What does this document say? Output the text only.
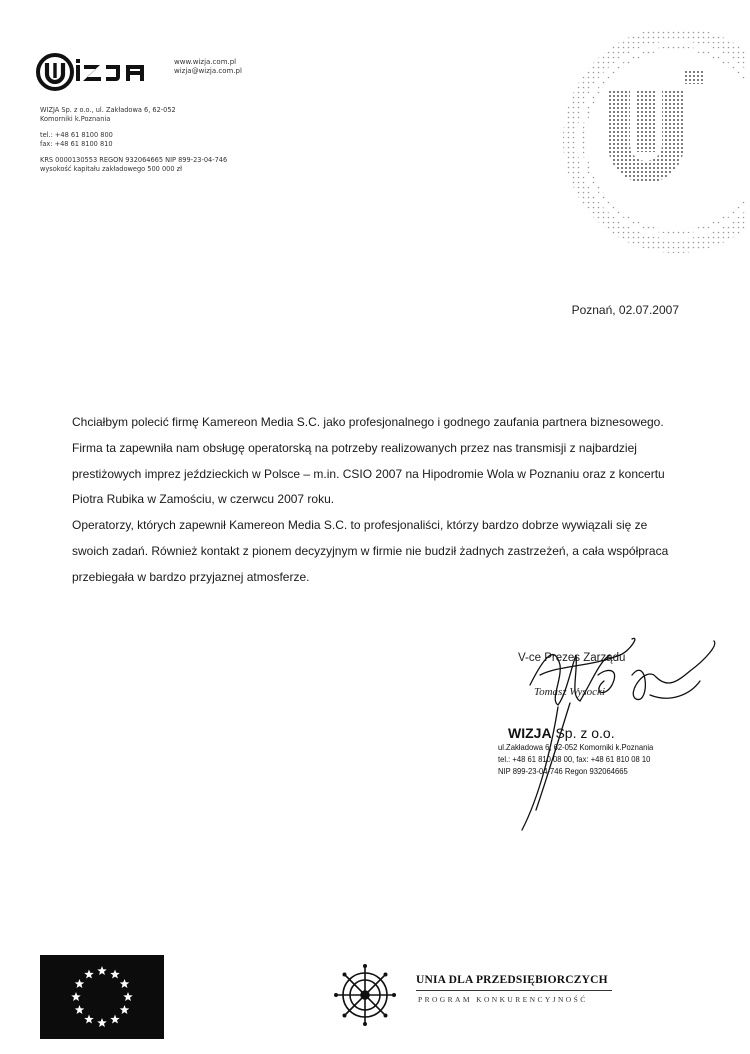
www.wizja.com.pl
wizja@wizja.com.pl
WIZJA Sp. z o.o., ul. Zakładowa 6, 62-052
Komorniki k.Poznania
tel.: +48 61 8100 800
fax: +48 61 8100 810
KRS 0000130553 REGON 932064665 NIP 899-23-04-746
wysokość kapitału zakładowego 500 000 zł
Poznań, 02.07.2007

Chciałbym polecić firmę Kamereon Media S.C. jako profesjonalnego i godnego zaufania partnera biznesowego. Firma ta zapewniła nam obsługę operatorską na potrzeby realizowanych przez nas transmisji z najbardziej prestiżowych imprez jeździeckich w Polsce – m.in. CSIO 2007 na Hipodromie Wola w Poznaniu oraz z koncertu Piotra Rubika w Zamościu, w czerwcu 2007 roku.

Operatorzy, których zapewnił Kamereon Media S.C. to profesjonaliści, którzy bardzo dobrze wywiązali się ze swoich zadań. Również kontakt z pionem decyzyjnym w firmie nie budził żadnych zastrzeżeń, a cała współpraca przebiegała w bardzo przyjaznej atmosferze.

V-ce Prezes Zarządu
Tomasz Wysocki
WIZJA Sp. z o.o.
ul.Zakładowa 6, 62-052 Komorniki k.Poznania
tel.: +48 61 810 08 00, fax: +48 61 810 08 10
NIP 899-23-04-746 Regon 932064665
UNIA DLA PRZEDSIĘBIORCZYCH
PROGRAM KONKURENCYJNOŚĆ
